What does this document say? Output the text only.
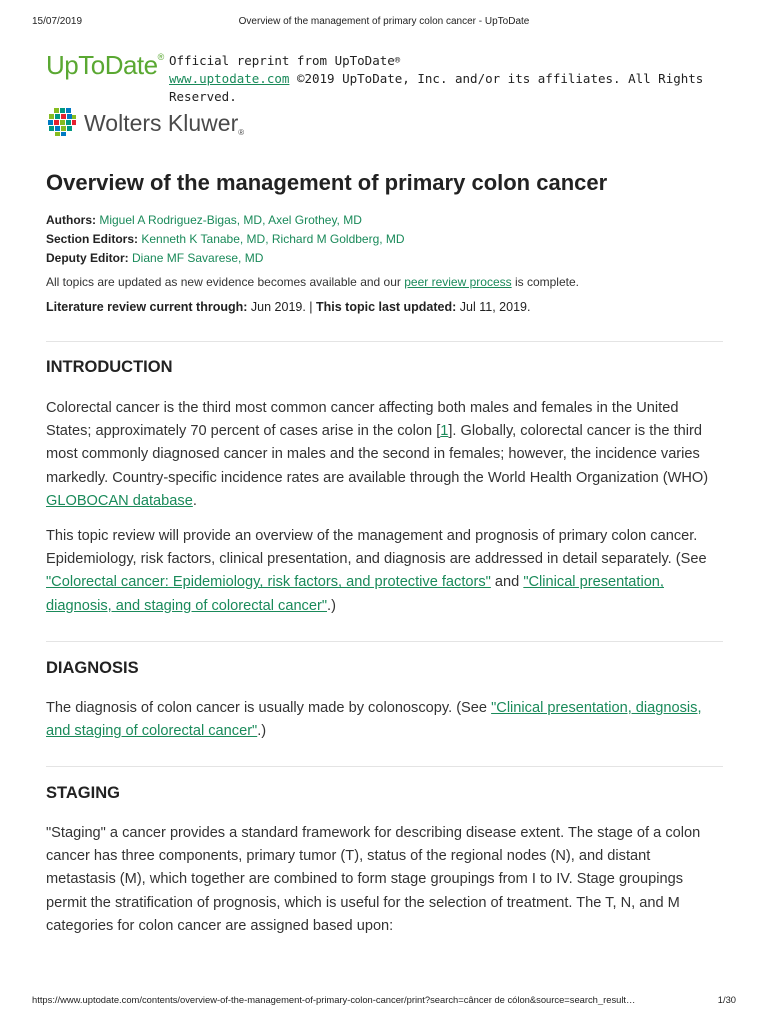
15/07/2019	Overview of the management of primary colon cancer - UpToDate
UpToDate® Official reprint from UpToDate®
www.uptodate.com ©2019 UpToDate, Inc. and/or its affiliates. All Rights Reserved.
Wolters Kluwer®
Overview of the management of primary colon cancer
Authors: Miguel A Rodriguez-Bigas, MD, Axel Grothey, MD
Section Editors: Kenneth K Tanabe, MD, Richard M Goldberg, MD
Deputy Editor: Diane MF Savarese, MD
All topics are updated as new evidence becomes available and our peer review process is complete.
Literature review current through: Jun 2019. | This topic last updated: Jul 11, 2019.
INTRODUCTION

Colorectal cancer is the third most common cancer affecting both males and females in the United States; approximately 70 percent of cases arise in the colon [1]. Globally, colorectal cancer is the third most commonly diagnosed cancer in males and the second in females; however, the incidence varies markedly. Country-specific incidence rates are available through the World Health Organization (WHO) GLOBOCAN database.

This topic review will provide an overview of the management and prognosis of primary colon cancer. Epidemiology, risk factors, clinical presentation, and diagnosis are addressed in detail separately. (See "Colorectal cancer: Epidemiology, risk factors, and protective factors" and "Clinical presentation, diagnosis, and staging of colorectal cancer".)

DIAGNOSIS

The diagnosis of colon cancer is usually made by colonoscopy. (See "Clinical presentation, diagnosis, and staging of colorectal cancer".)

STAGING

"Staging" a cancer provides a standard framework for describing disease extent. The stage of a colon cancer has three components, primary tumor (T), status of the regional nodes (N), and distant metastasis (M), which together are combined to form stage groupings from I to IV. Stage groupings permit the stratification of prognosis, which is useful for the selection of treatment. The T, N, and M categories for colon cancer are assigned based upon:

https://www.uptodate.com/contents/overview-of-the-management-of-primary-colon-cancer/print?search=câncer de cólon&source=search_result…	1/30
